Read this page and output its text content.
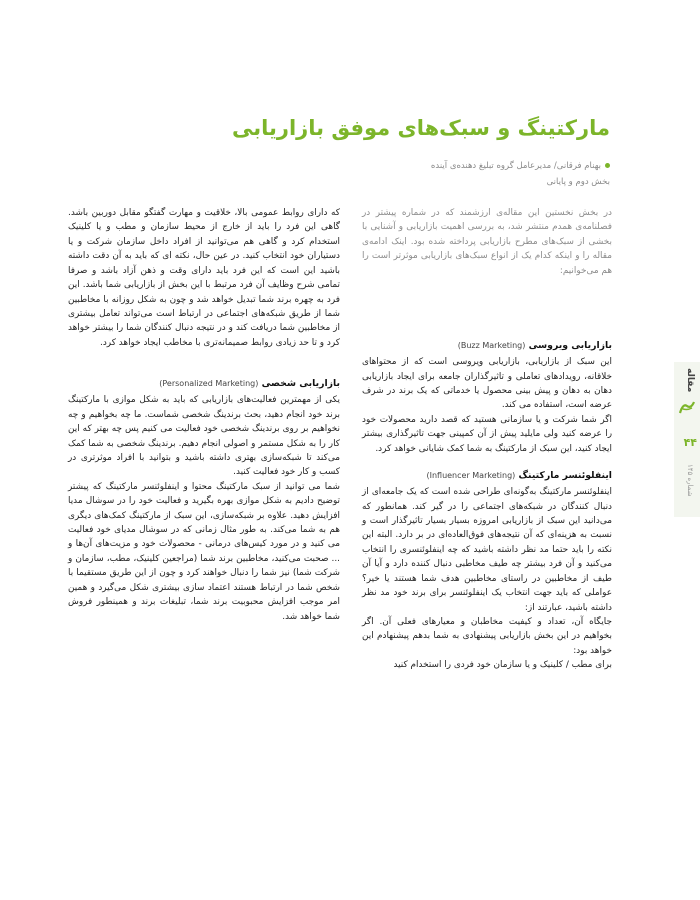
مارکتینگ و سبک‌های موفق بازاریابی
بهنام فرقانی/ مدیرعامل گروه تبلیغ دهنده‌ی آینده
بخش دوم و پایانی
مقاله
۴۴
شماره ۱۴۵

در بخش نخستین این مقاله‌ی ارزشمند که در شماره پیشتر در فصلنامه‌ی همدم منتشر شد، به بررسی اهمیت بازاریابی و آشنایی با بخشی از سبک‌های مطرح بازاریابی پرداخته شده بود. اینک ادامه‌ی مقاله را و اینکه کدام یک از انواع سبک‌های بازاریابی موثرتر است را هم می‌خوانیم:

بازاریابی ویروسی (Buzz Marketing)

این سبک از بازاریابی، بازاریابی ویروسی است که از محتواهای خلاقانه، رویدادهای تعاملی و تاثیرگذاران جامعه برای ایجاد بازاریابی دهان به دهان و پیش بینی محصول یا خدماتی که یک برند در شرف عرضه است، استفاده می کند.

اگر شما شرکت و یا سازمانی هستید که قصد دارید محصولات خود را عرضه کنید ولی مایلید پیش از آن کمپینی جهت تاثیرگذاری بیشتر ایجاد کنید، این سبک از مارکتینگ به شما کمک شایانی خواهد کرد.

اینفلوئنسر مارکتینگ (Influencer Marketing)

اینفلوئنسر مارکتینگ به‌گونه‌ای طراحی شده است که یک جامعه‌ای از دنبال کنندگان در شبکه‌های اجتماعی را در گیر کند. همانطور که می‌دانید این سبک از بازاریابی امروزه بسیار بسیار تاثیرگذار است و نسبت به هزینه‌ای که آن نتیجه‌های فوق‌العاده‌ای در بر دارد. البته این نکته را باید حتما مد نظر داشته باشید که چه اینفلوئنسری را انتخاب می‌کنید و آن فرد بیشتر چه طیف مخاطبی دنبال کننده دارد و آیا آن طیف از مخاطبین در راستای مخاطبین هدف شما هستند یا خیر؟ عواملی که باید جهت انتخاب یک اینفلوئنسر برای برند خود مد نظر داشته باشید، عبارتند از:

جایگاه آن، تعداد و کیفیت مخاطبان و معیارهای فعلی آن. اگر بخواهیم در این بخش بازاریابی پیشنهادی به شما بدهم پیشنهادم این خواهد بود:

برای مطب / کلینیک و یا سازمان خود فردی را استخدام کنید

که دارای روابط عمومی بالا، خلاقیت و مهارت گفتگو مقابل دوربین باشد. گاهی این فرد را باید از خارج از محیط سازمان و مطب و یا کلینیک استخدام کرد و گاهی هم می‌توانید از افراد داخل سازمان شرکت و یا دستیاران خود انتخاب کنید. در عین حال، نکته ای که باید به آن دقت داشته باشید این است که این فرد باید دارای وقت و ذهن آزاد باشد و صرفا تمامی شرح وظایف آن فرد مرتبط با این بخش از بازاریابی شما باشد. این فرد به چهره برند شما تبدیل خواهد شد و چون به شکل روزانه با مخاطبین شما از طریق شبکه‌های اجتماعی در ارتباط است می‌تواند تعامل بیشتری از مخاطبین شما دریافت کند و در نتیجه دنبال کنندگان شما را بیشتر خواهد کرد و تا حد زیادی روابط صمیمانه‌تری با مخاطب ایجاد خواهد کرد.

بازاریابی شخصی (Personalized Marketing)

یکی از مهمترین فعالیت‌های بازاریابی که باید به شکل موازی با مارکتینگ برند خود انجام دهید، بحث برندینگ شخصی شماست. ما چه بخواهیم و چه نخواهیم بر روی برندینگ شخصی خود فعالیت می کنیم پس چه بهتر که این کار را به شکل مستمر و اصولی انجام دهیم. برندینگ شخصی به شما کمک می‌کند تا شبکه‌سازی بهتری داشته باشید و بتوانید با افراد موثرتری در کسب و کار خود فعالیت کنید.

شما می توانید از سبک مارکتینگ محتوا و اینفلوئنسر مارکتینگ که پیشتر توضیح دادیم به شکل موازی بهره بگیرید و فعالیت خود را در سوشال مدیا افزایش دهید. علاوه بر شبکه‌سازی، این سبک از مارکتینگ کمک‌های دیگری هم به شما می‌کند. به طور مثال زمانی که در سوشال مدیای خود فعالیت می کنید و در مورد کیس‌های درمانی - محصولات خود و مزیت‌های آن‌ها و ... صحبت می‌کنید، مخاطبین برند شما (مراجعین کلینیک، مطب، سازمان و شرکت شما) نیز شما را دنبال خواهند کرد و چون از این طریق مستقیما با شخص شما در ارتباط هستند اعتماد سازی بیشتری شکل می‌گیرد و همین امر موجب افزایش محبوبیت برند شما، تبلیغات برند و همینطور فروش شما خواهد شد.
